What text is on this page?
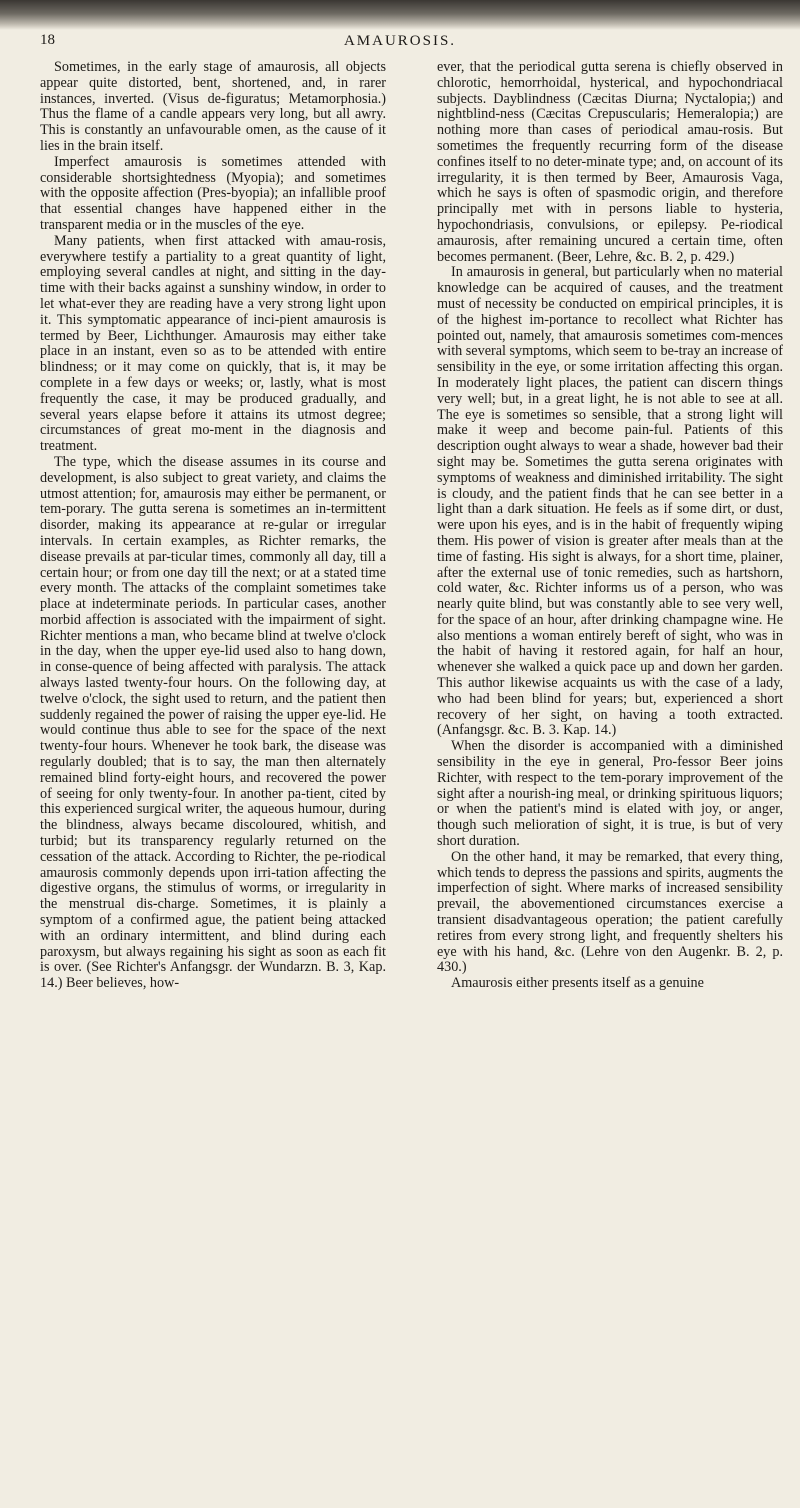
18	AMAUROSIS.

Sometimes, in the early stage of amaurosis, all objects appear quite distorted, bent, shortened, and, in rarer instances, inverted. (Visus de-figuratus; Metamorphosia.) Thus the flame of a candle appears very long, but all awry. This is constantly an unfavourable omen, as the cause of it lies in the brain itself.

Imperfect amaurosis is sometimes attended with considerable shortsightedness (Myopia); and sometimes with the opposite affection (Pres-byopia); an infallible proof that essential changes have happened either in the transparent media or in the muscles of the eye.

Many patients, when first attacked with amau-rosis, everywhere testify a partiality to a great quantity of light, employing several candles at night, and sitting in the day-time with their backs against a sunshiny window, in order to let what-ever they are reading have a very strong light upon it. This symptomatic appearance of inci-pient amaurosis is termed by Beer, Lichthunger. Amaurosis may either take place in an instant, even so as to be attended with entire blindness; or it may come on quickly, that is, it may be complete in a few days or weeks; or, lastly, what is most frequently the case, it may be produced gradually, and several years elapse before it attains its utmost degree; circumstances of great mo-ment in the diagnosis and treatment.

The type, which the disease assumes in its course and development, is also subject to great variety, and claims the utmost attention; for, amaurosis may either be permanent, or tem-porary. The gutta serena is sometimes an in-termittent disorder, making its appearance at re-gular or irregular intervals. In certain examples, as Richter remarks, the disease prevails at par-ticular times, commonly all day, till a certain hour; or from one day till the next; or at a stated time every month. The attacks of the complaint sometimes take place at indeterminate periods. In particular cases, another morbid affection is associated with the impairment of sight. Richter mentions a man, who became blind at twelve o'clock in the day, when the upper eye-lid used also to hang down, in conse-quence of being affected with paralysis. The attack always lasted twenty-four hours. On the following day, at twelve o'clock, the sight used to return, and the patient then suddenly regained the power of raising the upper eye-lid. He would continue thus able to see for the space of the next twenty-four hours. Whenever he took bark, the disease was regularly doubled; that is to say, the man then alternately remained blind forty-eight hours, and recovered the power of seeing for only twenty-four. In another pa-tient, cited by this experienced surgical writer, the aqueous humour, during the blindness, always became discoloured, whitish, and turbid; but its transparency regularly returned on the cessation of the attack. According to Richter, the pe-riodical amaurosis commonly depends upon irri-tation affecting the digestive organs, the stimulus of worms, or irregularity in the menstrual dis-charge. Sometimes, it is plainly a symptom of a confirmed ague, the patient being attacked with an ordinary intermittent, and blind during each paroxysm, but always regaining his sight as soon as each fit is over. (See Richter's Anfangsgr. der Wundarzn. B. 3, Kap. 14.) Beer believes, how-

ever, that the periodical gutta serena is chiefly observed in chlorotic, hemorrhoidal, hysterical, and hypochondriacal subjects. Dayblindness (Cæcitas Diurna; Nyctalopia;) and nightblind-ness (Cæcitas Crepuscularis; Hemeralopia;) are nothing more than cases of periodical amau-rosis. But sometimes the frequently recurring form of the disease confines itself to no deter-minate type; and, on account of its irregularity, it is then termed by Beer, Amaurosis Vaga, which he says is often of spasmodic origin, and therefore principally met with in persons liable to hysteria, hypochondriasis, convulsions, or epilepsy. Pe-riodical amaurosis, after remaining uncured a certain time, often becomes permanent. (Beer, Lehre, &c. B. 2, p. 429.)

In amaurosis in general, but particularly when no material knowledge can be acquired of causes, and the treatment must of necessity be conducted on empirical principles, it is of the highest im-portance to recollect what Richter has pointed out, namely, that amaurosis sometimes com-mences with several symptoms, which seem to be-tray an increase of sensibility in the eye, or some irritation affecting this organ. In moderately light places, the patient can discern things very well; but, in a great light, he is not able to see at all. The eye is sometimes so sensible, that a strong light will make it weep and become pain-ful. Patients of this description ought always to wear a shade, however bad their sight may be. Sometimes the gutta serena originates with symptoms of weakness and diminished irritability. The sight is cloudy, and the patient finds that he can see better in a light than a dark situation. He feels as if some dirt, or dust, were upon his eyes, and is in the habit of frequently wiping them. His power of vision is greater after meals than at the time of fasting. His sight is always, for a short time, plainer, after the external use of tonic remedies, such as hartshorn, cold water, &c. Richter informs us of a person, who was nearly quite blind, but was constantly able to see very well, for the space of an hour, after drinking champagne wine. He also mentions a woman entirely bereft of sight, who was in the habit of having it restored again, for half an hour, whenever she walked a quick pace up and down her garden. This author likewise acquaints us with the case of a lady, who had been blind for years; but, experienced a short recovery of her sight, on having a tooth extracted. (Anfangsgr. &c. B. 3. Kap. 14.)

When the disorder is accompanied with a diminished sensibility in the eye in general, Pro-fessor Beer joins Richter, with respect to the tem-porary improvement of the sight after a nourish-ing meal, or drinking spirituous liquors; or when the patient's mind is elated with joy, or anger, though such melioration of sight, it is true, is but of very short duration.

On the other hand, it may be remarked, that every thing, which tends to depress the passions and spirits, augments the imperfection of sight. Where marks of increased sensibility prevail, the abovementioned circumstances exercise a transient disadvantageous operation; the patient carefully retires from every strong light, and frequently shelters his eye with his hand, &c. (Lehre von den Augenkr. B. 2, p. 430.)

Amaurosis either presents itself as a genuine
